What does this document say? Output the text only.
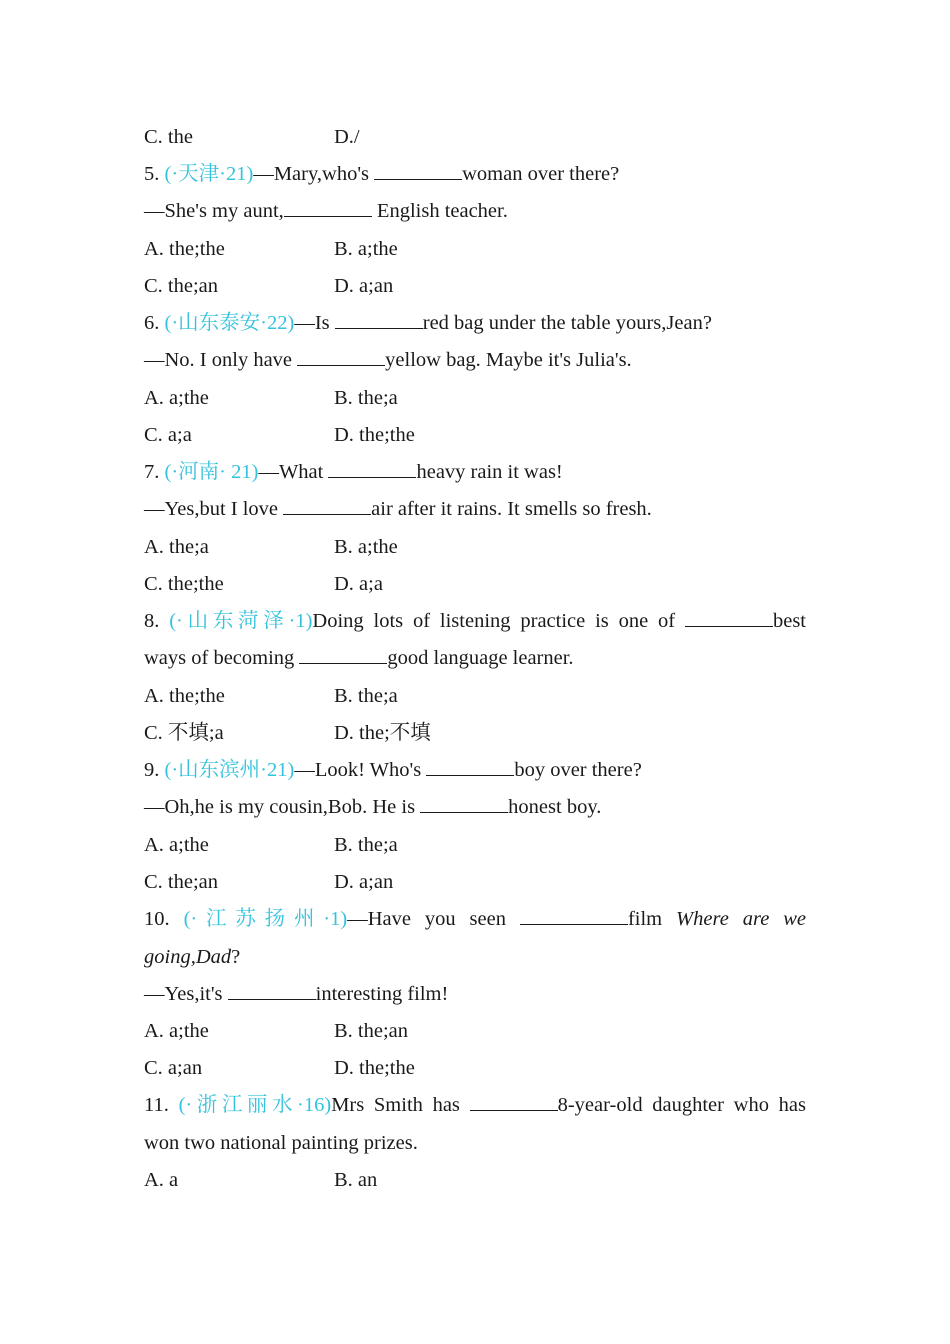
C. the	D./
5. (·天津·21)—Mary,who's	woman over there?
—She's my aunt,	English teacher.
A. the;the	B. a;the
C. the;an	D. a;an
6. (·山东泰安·22)—Is	red bag under the table yours,Jean?
—No. I only have	yellow bag. Maybe it's Julia's.
A. a;the	B. the;a
C. a;a	D. the;the
7. (·河南· 21)—What	heavy rain it was!
—Yes,but I love	air after it rains. It smells so fresh.
A. the;a	B. a;the
C. the;the	D. a;a
8. (·山东菏泽·1)Doing lots of listening practice is one of	best
ways of becoming	good language learner.
A. the;the	B. the;a
C. 不填;a	D. the;不填
9. (·山东滨州·21)—Look! Who's	boy over there?
—Oh,he is my cousin,Bob. He is	honest boy.
A. a;the	B. the;a
C. the;an	D. a;an
10. (·江苏扬州·1)—Have you seen	film Where are we
going,Dad?
—Yes,it's	interesting film!
A. a;the	B. the;an
C. a;an	D. the;the
11. (·浙江丽水·16)Mrs Smith has	8-year-old daughter who has
won two national painting prizes.
A. a	B. an
